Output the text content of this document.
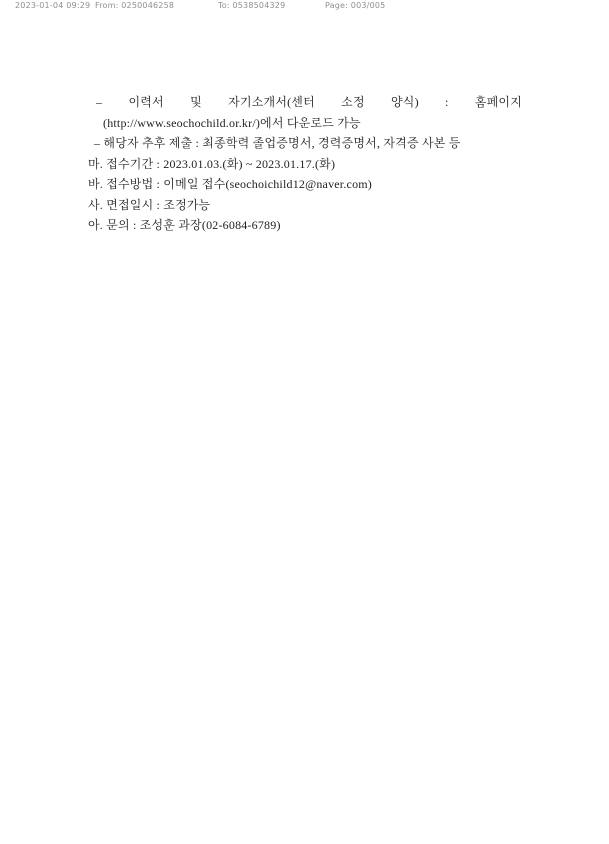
2023-01-04 09:29 From: 0250046258	To: 0538504329	Page: 003/005
– 이력서 및 자기소개서(센터 소정 양식) : 홈페이지
(http://www.seochochild.or.kr/)에서 다운로드 가능
– 해당자 추후 제출 : 최종학력 졸업증명서, 경력증명서, 자격증 사본 등
마. 접수기간 : 2023.01.03.(화) ~ 2023.01.17.(화)
바. 접수방법 : 이메일 접수(seochoichild12@naver.com)
사. 면접일시 : 조정가능
아. 문의 : 조성훈 과장(02-6084-6789)
